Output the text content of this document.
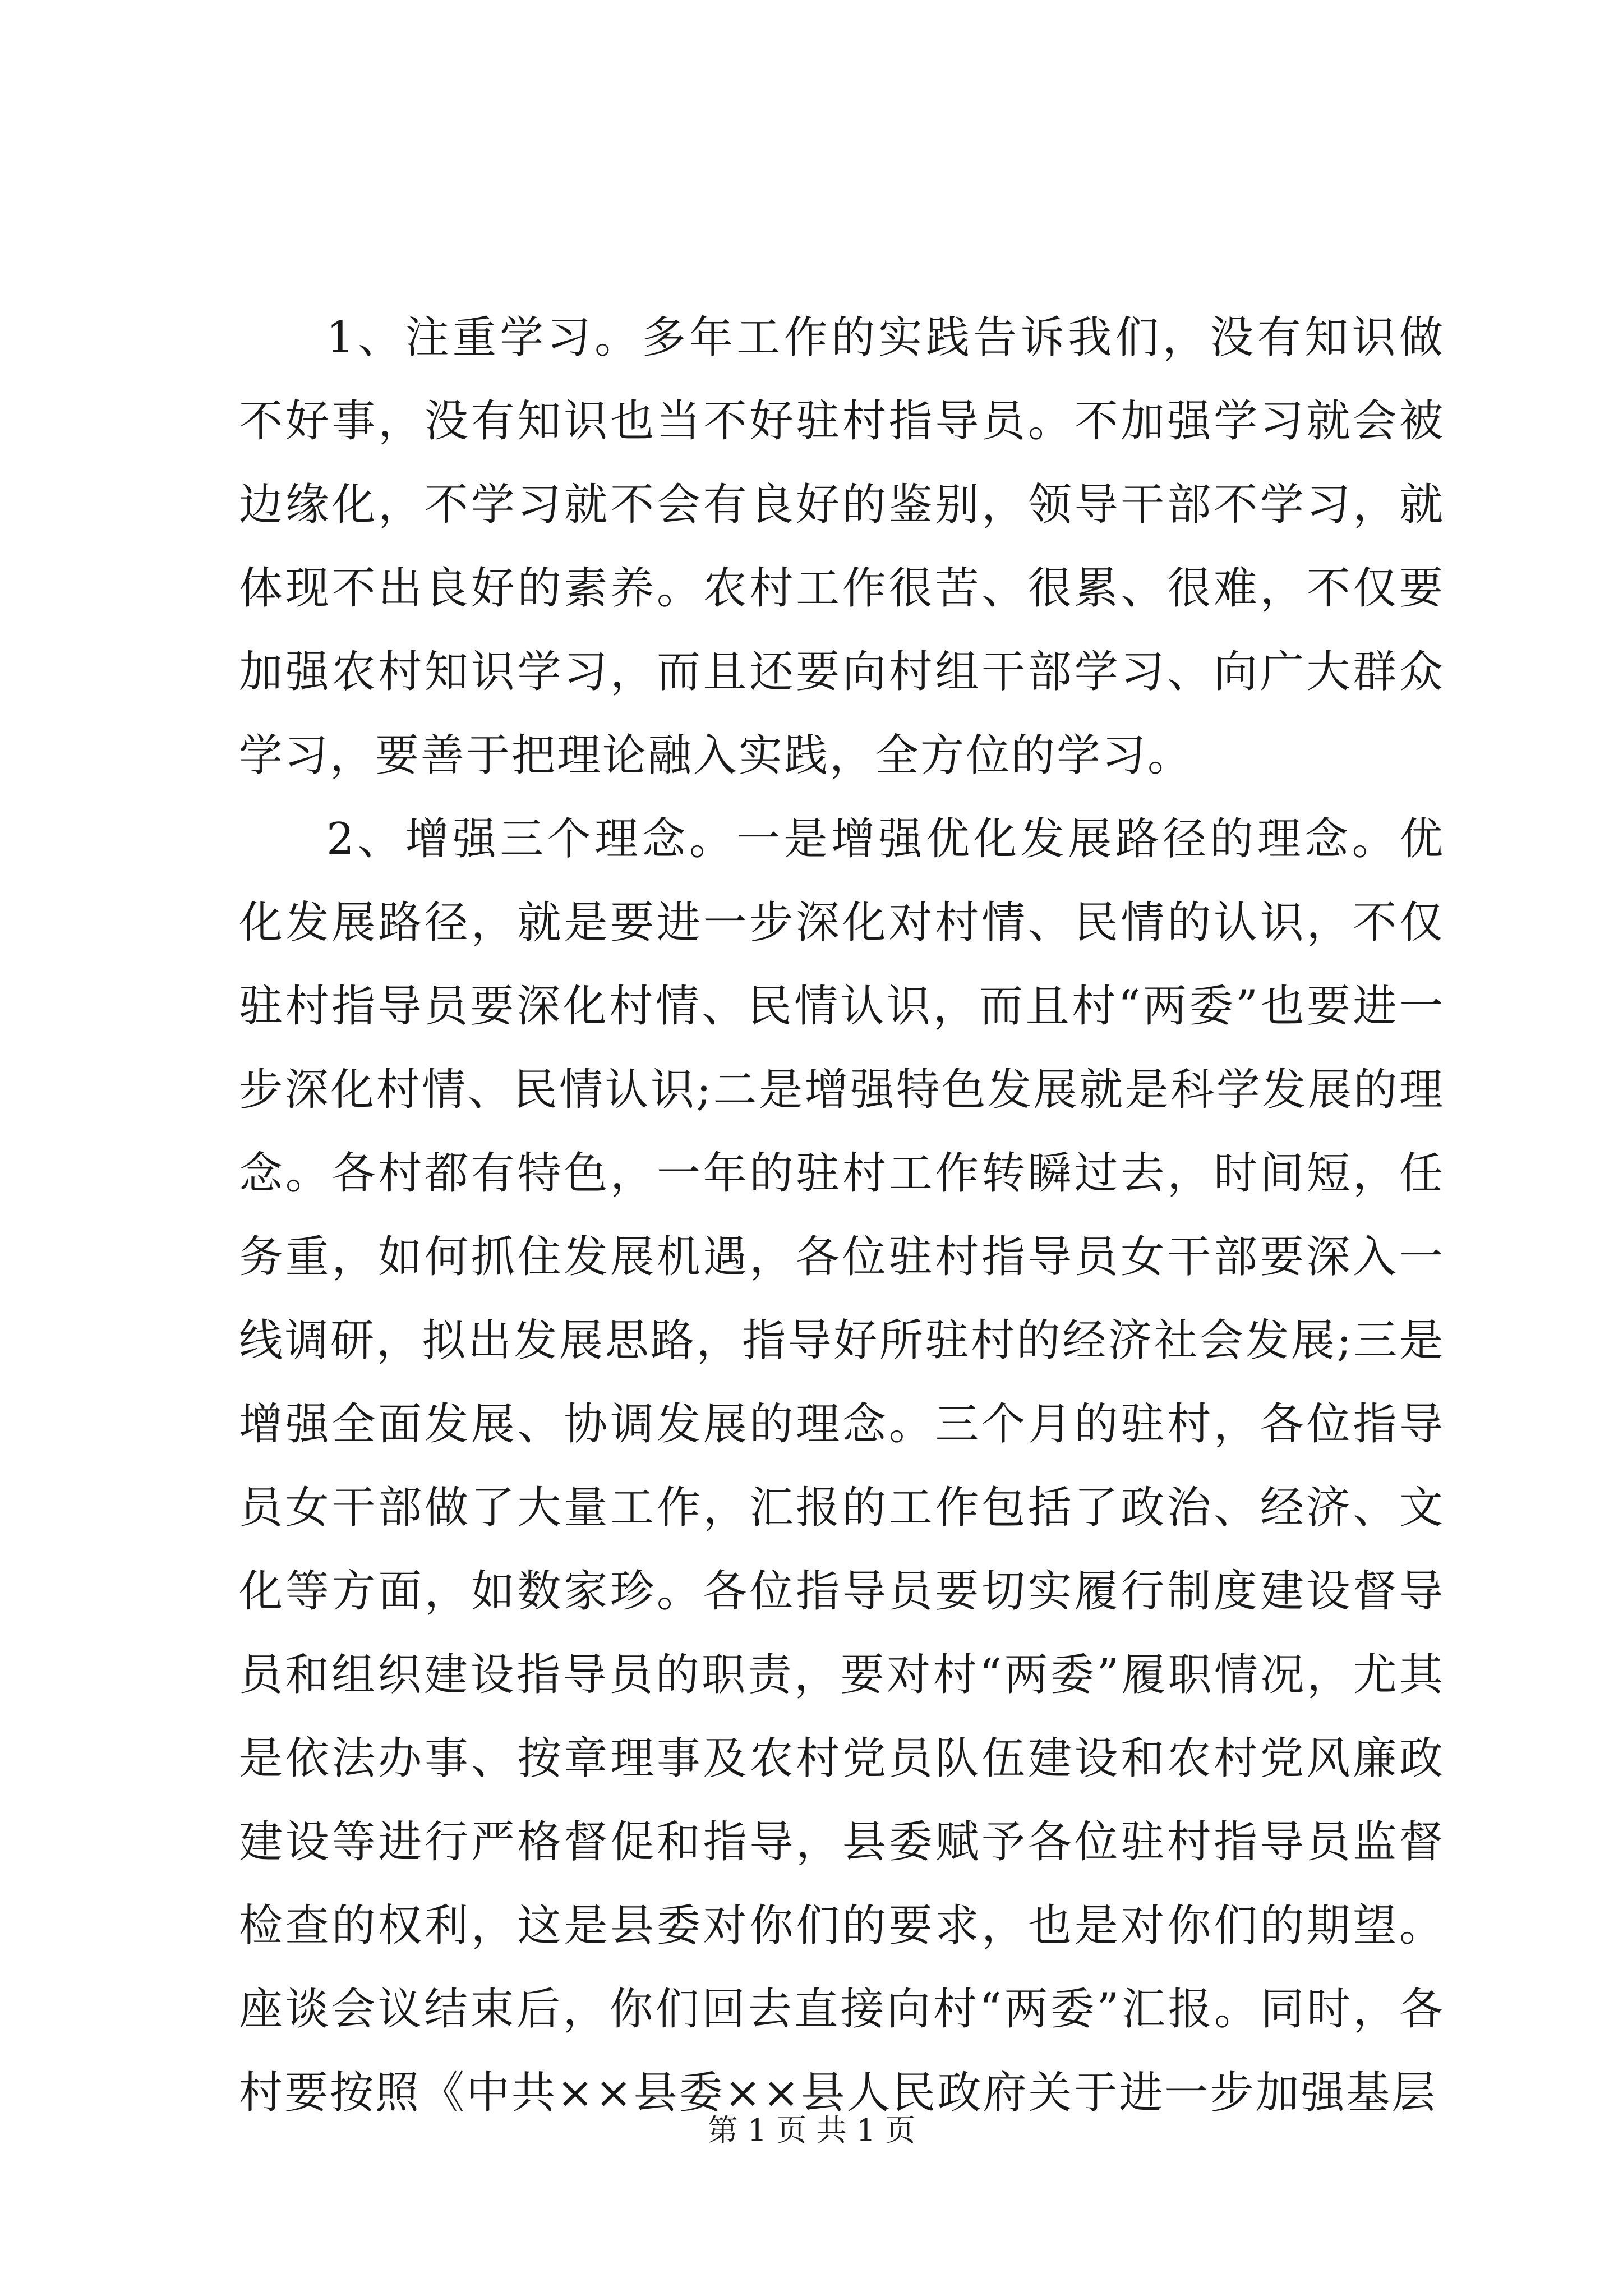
1、注重学习。多年工作的实践告诉我们，没有知识做不好事，没有知识也当不好驻村指导员。不加强学习就会被边缘化，不学习就不会有良好的鉴别，领导干部不学习，就体现不出良好的素养。农村工作很苦、很累、很难，不仅要加强农村知识学习，而且还要向村组干部学习、向广大群众学习，要善于把理论融入实践，全方位的学习。

2、增强三个理念。一是增强优化发展路径的理念。优化发展路径，就是要进一步深化对村情、民情的认识，不仅驻村指导员要深化村情、民情认识，而且村“两委”也要进一步深化村情、民情认识;二是增强特色发展就是科学发展的理念。各村都有特色，一年的驻村工作转瞬过去，时间短，任务重，如何抓住发展机遇，各位驻村指导员女干部要深入一线调研，拟出发展思路，指导好所驻村的经济社会发展;三是增强全面发展、协调发展的理念。三个月的驻村，各位指导员女干部做了大量工作，汇报的工作包括了政治、经济、文化等方面，如数家珍。各位指导员要切实履行制度建设督导员和组织建设指导员的职责，要对村“两委”履职情况，尤其是依法办事、按章理事及农村党员队伍建设和农村党风廉政建设等进行严格督促和指导，县委赋予各位驻村指导员监督检查的权利，这是县委对你们的要求，也是对你们的期望。座谈会议结束后，你们回去直接向村“两委”汇报。同时，各村要按照《中共××县委××县人民政府关于进一步加强基层

第 1 页 共 1 页
